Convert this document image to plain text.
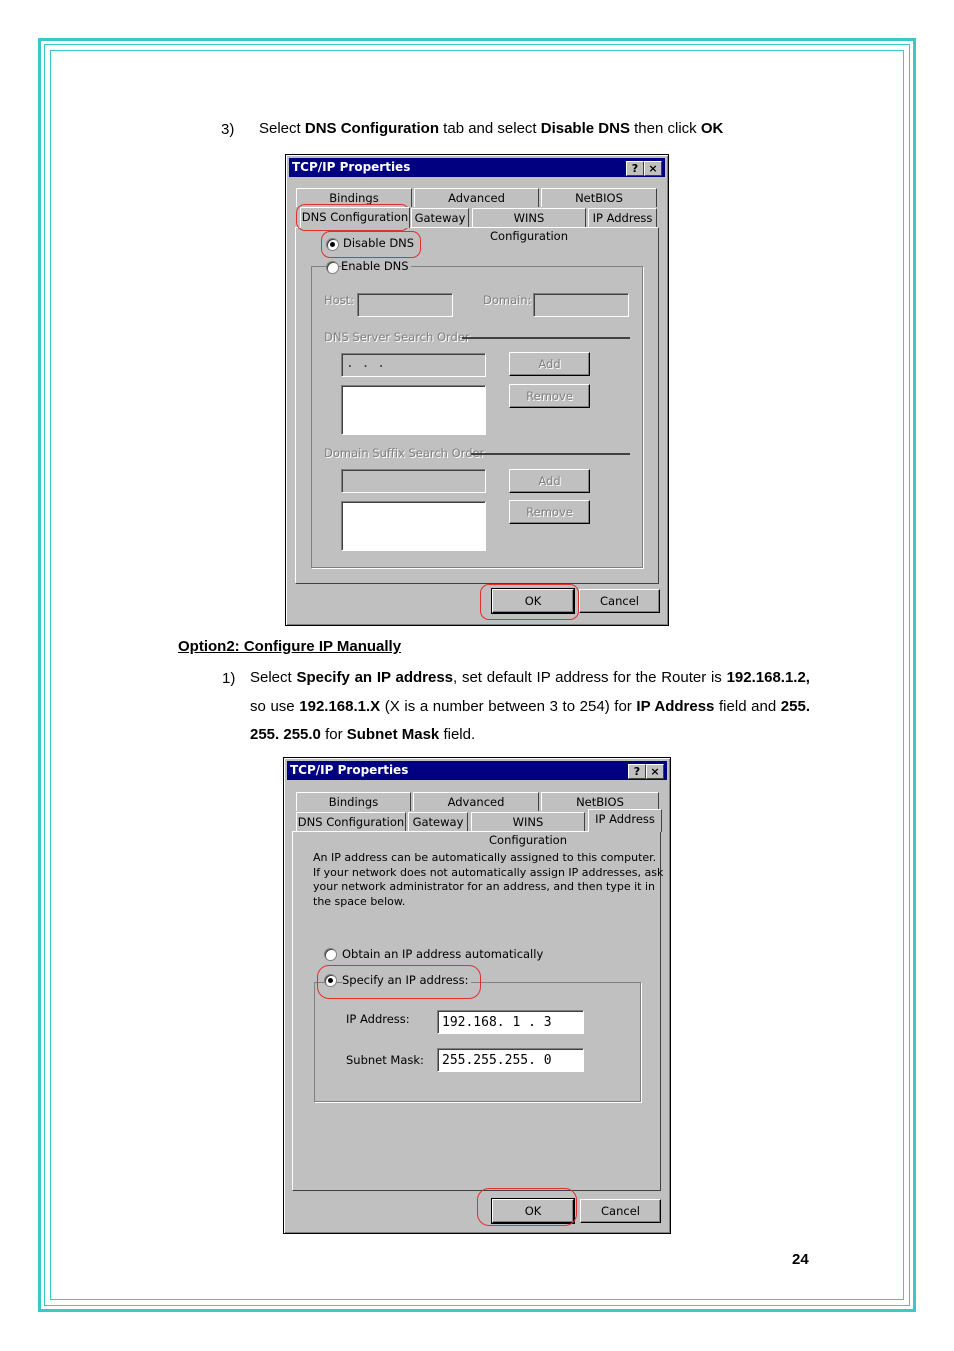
3) Select DNS Configuration tab and select Disable DNS then click OK
TCP/IP Properties	? ×
Bindings	Advanced	NetBIOS
DNS Configuration Gateway	WINS Configuration
IP Address
Disable DNS
Enable DNS
Host:	Domain:
DNS Server Search Order
. . .	Add
Remove
Domain Suffix Search Order
Add
Remove
OK	Cancel
Option2: Configure IP Manually
1) Select Specify an IP address, set default IP address for the Router is 192.168.1.2, so use 192.168.1.X (X is a number between 3 to 254) for IP Address field and 255. 255. 255.0 for Subnet Mask field.
TCP/IP Properties	? ×
Bindings	Advanced	NetBIOS
DNS Configuration Gateway	WINS Configuration
IP Address
An IP address can be automatically assigned to this computer.
If your network does not automatically assign IP addresses, ask
your network administrator for an address, and then type it in
the space below.
Obtain an IP address automatically
Specify an IP address:
IP Address:	192.168. 1 . 3
Subnet Mask:	255.255.255. 0
OK	Cancel
24
